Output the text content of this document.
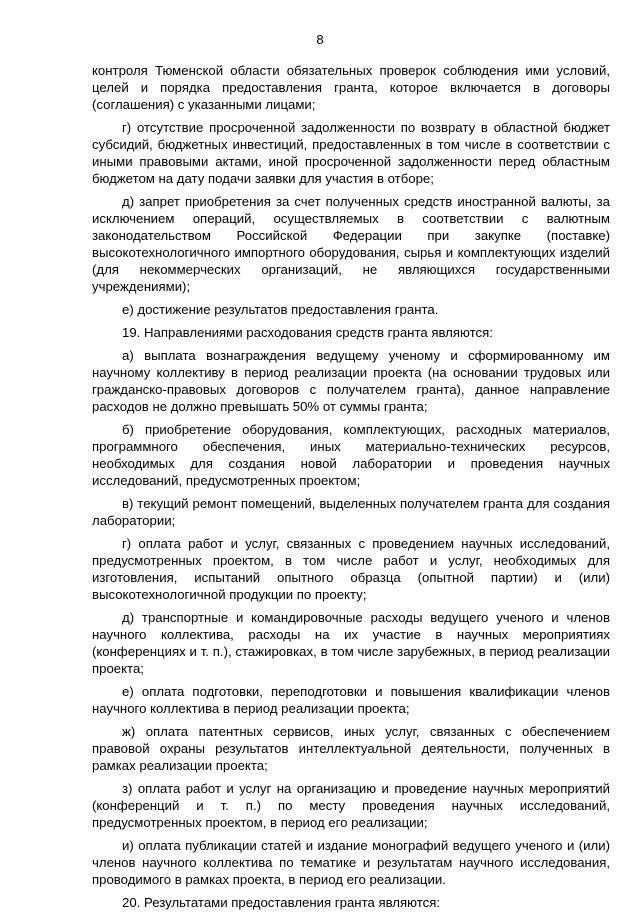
8

контроля Тюменской области обязательных проверок соблюдения ими условий, целей и порядка предоставления гранта, которое включается в договоры (соглашения) с указанными лицами;

г) отсутствие просроченной задолженности по возврату в областной бюджет субсидий, бюджетных инвестиций, предоставленных в том числе в соответствии с иными правовыми актами, иной просроченной задолженности перед областным бюджетом на дату подачи заявки для участия в отборе;

д) запрет приобретения за счет полученных средств иностранной валюты, за исключением операций, осуществляемых в соответствии с валютным законодательством Российской Федерации при закупке (поставке) высокотехнологичного импортного оборудования, сырья и комплектующих изделий (для некоммерческих организаций, не являющихся государственными учреждениями);

е) достижение результатов предоставления гранта.

19. Направлениями расходования средств гранта являются:

а) выплата вознаграждения ведущему ученому и сформированному им научному коллективу в период реализации проекта (на основании трудовых или гражданско-правовых договоров с получателем гранта), данное направление расходов не должно превышать 50% от суммы гранта;

б) приобретение оборудования, комплектующих, расходных материалов, программного обеспечения, иных материально-технических ресурсов, необходимых для создания новой лаборатории и проведения научных исследований, предусмотренных проектом;

в) текущий ремонт помещений, выделенных получателем гранта для создания лаборатории;

г) оплата работ и услуг, связанных с проведением научных исследований, предусмотренных проектом, в том числе работ и услуг, необходимых для изготовления, испытаний опытного образца (опытной партии) и (или) высокотехнологичной продукции по проекту;

д) транспортные и командировочные расходы ведущего ученого и членов научного коллектива, расходы на их участие в научных мероприятиях (конференциях и т. п.), стажировках, в том числе зарубежных, в период реализации проекта;

е) оплата подготовки, переподготовки и повышения квалификации членов научного коллектива в период реализации проекта;

ж) оплата патентных сервисов, иных услуг, связанных с обеспечением правовой охраны результатов интеллектуальной деятельности, полученных в рамках реализации проекта;

з) оплата работ и услуг на организацию и проведение научных мероприятий (конференций и т. п.) по месту проведения научных исследований, предусмотренных проектом, в период его реализации;

и) оплата публикации статей и издание монографий ведущего ученого и (или) членов научного коллектива по тематике и результатам научного исследования, проводимого в рамках проекта, в период его реализации.

20. Результатами предоставления гранта являются:
